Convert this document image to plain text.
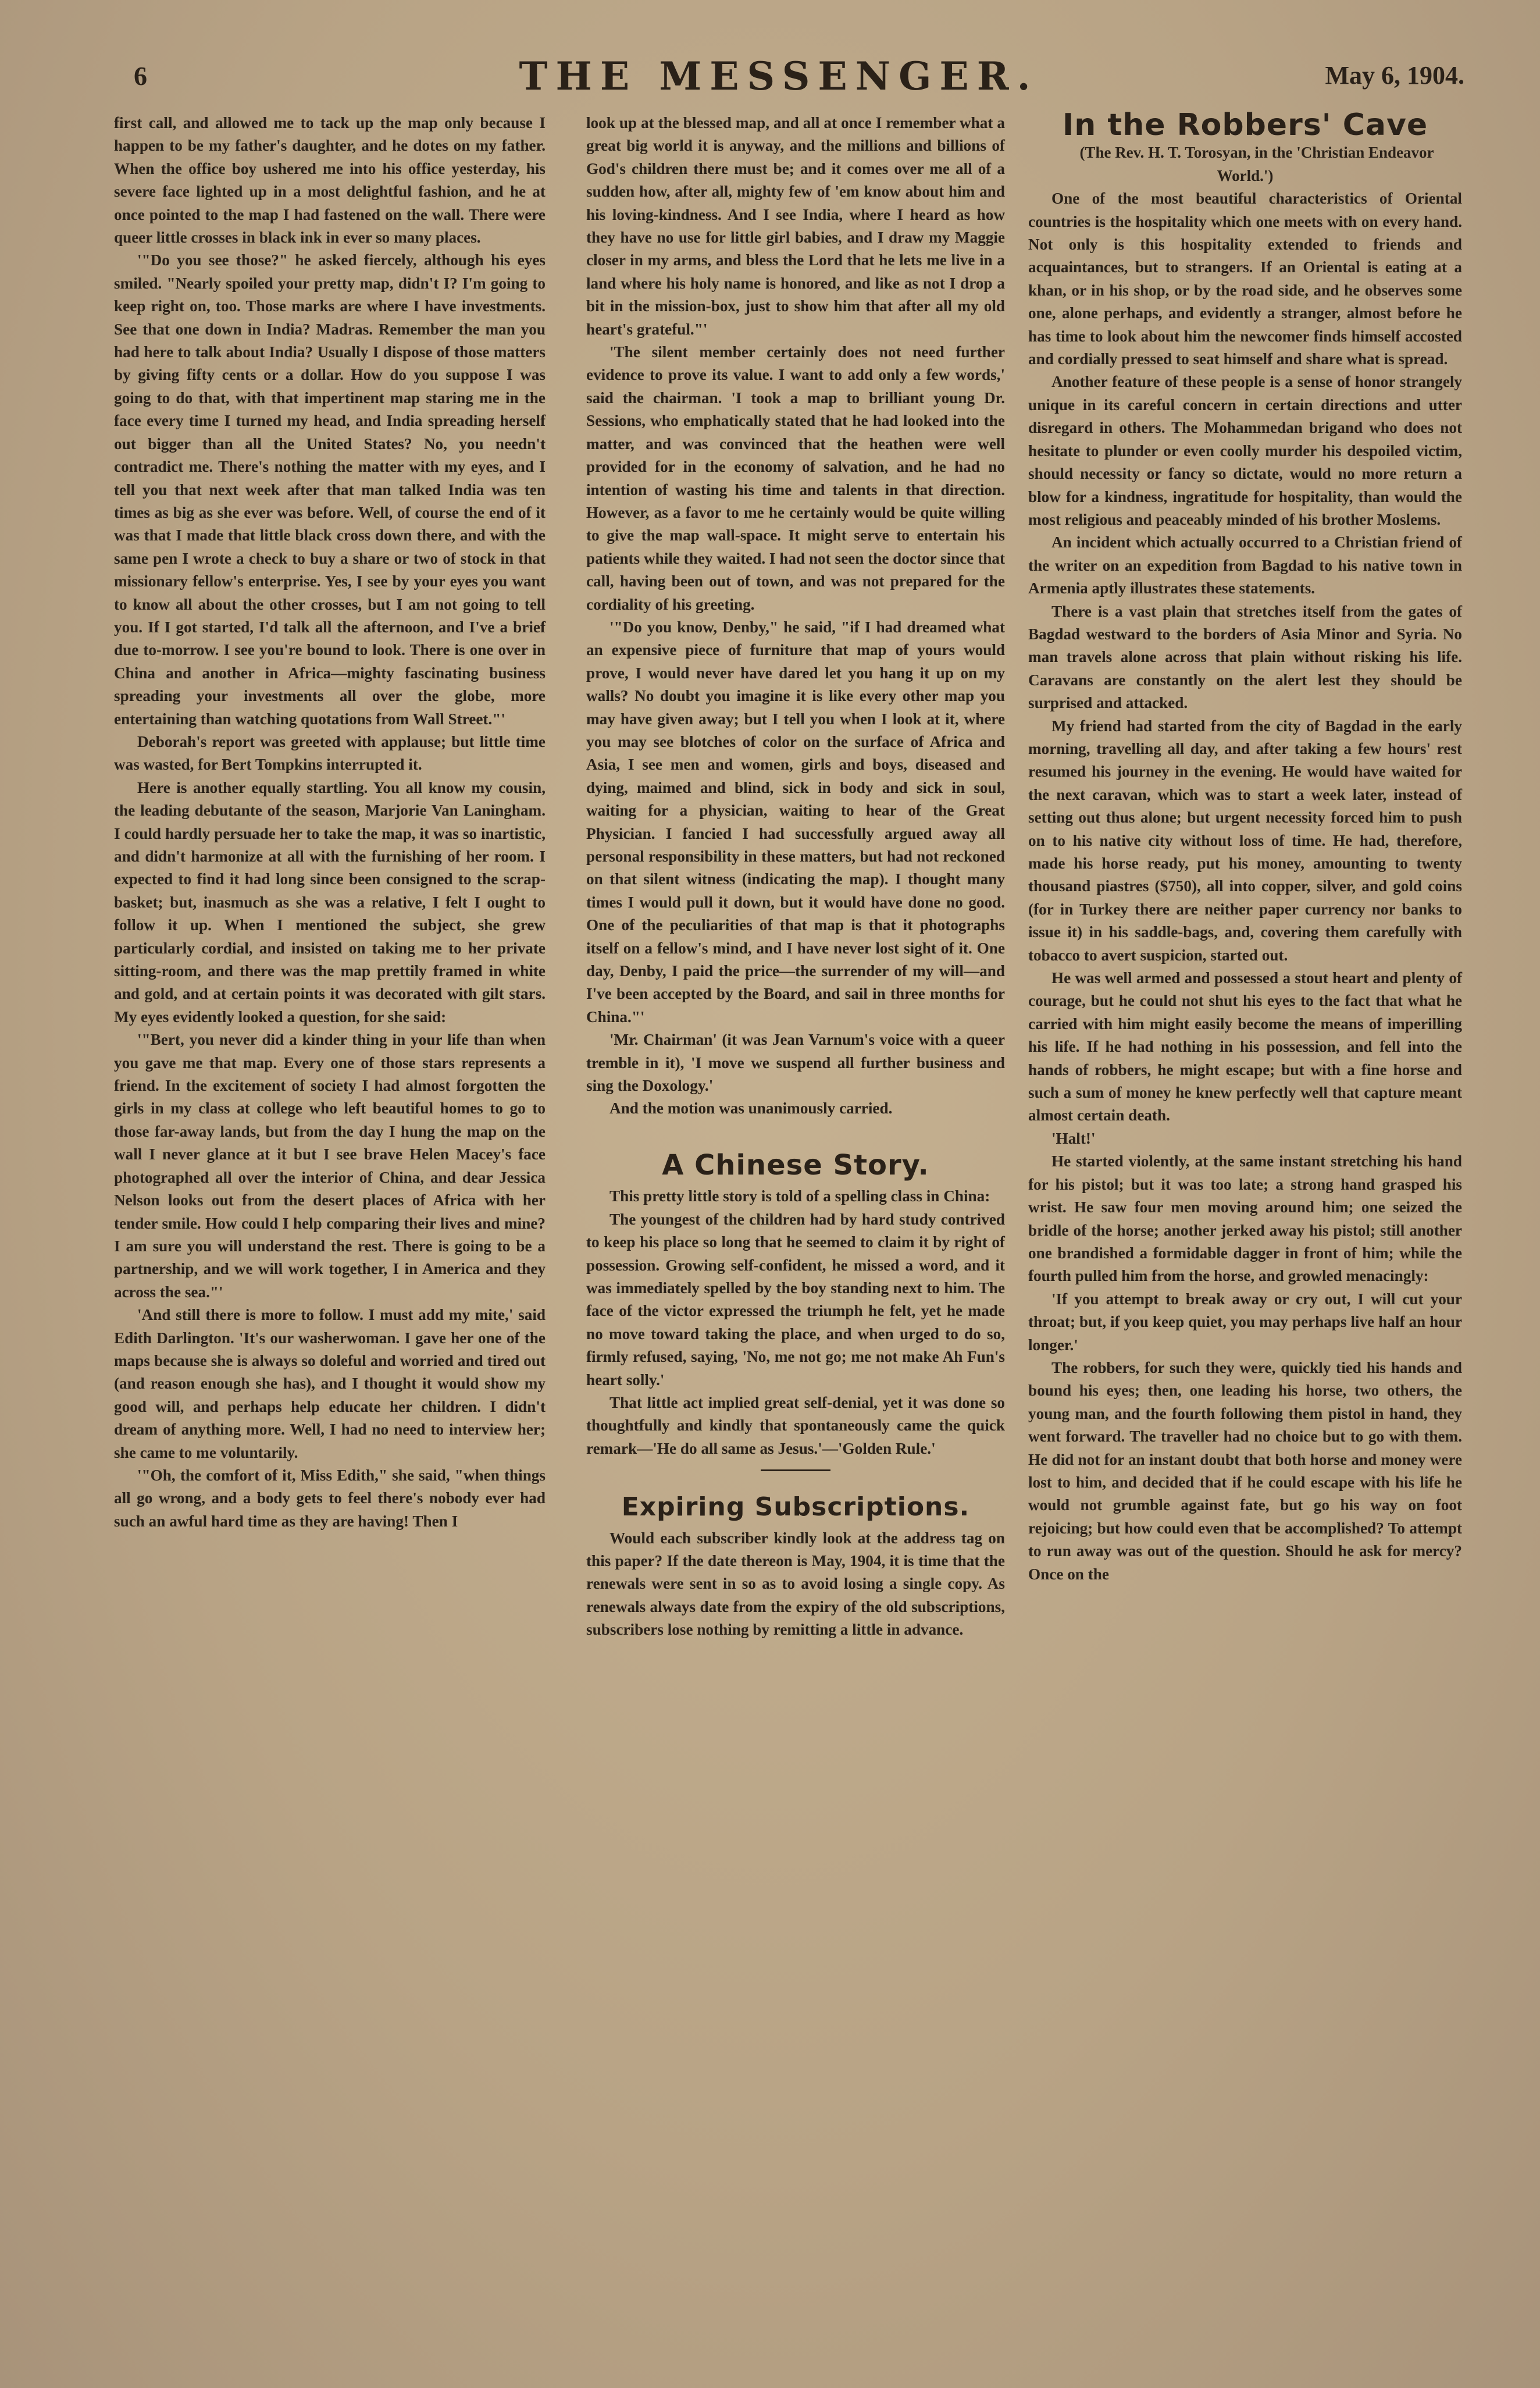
6	THE MESSENGER.	May 6, 1904.

first call, and allowed me to tack up the map only because I happen to be my father's daughter, and he dotes on my father. When the office boy ushered me into his office yesterday, his severe face lighted up in a most delightful fashion, and he at once pointed to the map I had fastened on the wall. There were queer little crosses in black ink in ever so many places.

'"Do you see those?" he asked fiercely, although his eyes smiled. "Nearly spoiled your pretty map, didn't I? I'm going to keep right on, too. Those marks are where I have investments. See that one down in India? Madras. Remember the man you had here to talk about India? Usually I dispose of those matters by giving fifty cents or a dollar. How do you suppose I was going to do that, with that impertinent map staring me in the face every time I turned my head, and India spreading herself out bigger than all the United States? No, you needn't contradict me. There's nothing the matter with my eyes, and I tell you that next week after that man talked India was ten times as big as she ever was before. Well, of course the end of it was that I made that little black cross down there, and with the same pen I wrote a check to buy a share or two of stock in that missionary fellow's enterprise. Yes, I see by your eyes you want to know all about the other crosses, but I am not going to tell you. If I got started, I'd talk all the afternoon, and I've a brief due to-morrow. I see you're bound to look. There is one over in China and another in Africa—mighty fascinating business spreading your investments all over the globe, more entertaining than watching quotations from Wall Street."'

Deborah's report was greeted with applause; but little time was wasted, for Bert Tompkins interrupted it.

Here is another equally startling. You all know my cousin, the leading debutante of the season, Marjorie Van Laningham. I could hardly persuade her to take the map, it was so inartistic, and didn't harmonize at all with the furnishing of her room. I expected to find it had long since been consigned to the scrap-basket; but, inasmuch as she was a relative, I felt I ought to follow it up. When I mentioned the subject, she grew particularly cordial, and insisted on taking me to her private sitting-room, and there was the map prettily framed in white and gold, and at certain points it was decorated with gilt stars. My eyes evidently looked a question, for she said:

'"Bert, you never did a kinder thing in your life than when you gave me that map. Every one of those stars represents a friend. In the excitement of society I had almost forgotten the girls in my class at college who left beautiful homes to go to those far-away lands, but from the day I hung the map on the wall I never glance at it but I see brave Helen Macey's face photographed all over the interior of China, and dear Jessica Nelson looks out from the desert places of Africa with her tender smile. How could I help comparing their lives and mine? I am sure you will understand the rest. There is going to be a partnership, and we will work together, I in America and they across the sea."'

'And still there is more to follow. I must add my mite,' said Edith Darlington. 'It's our washerwoman. I gave her one of the maps because she is always so doleful and worried and tired out (and reason enough she has), and I thought it would show my good will, and perhaps help educate her children. I didn't dream of anything more. Well, I had no need to interview her; she came to me voluntarily.

'"Oh, the comfort of it, Miss Edith," she said, "when things all go wrong, and a body gets to feel there's nobody ever had such an awful hard time as they are having! Then I

look up at the blessed map, and all at once I remember what a great big world it is anyway, and the millions and billions of God's children there must be; and it comes over me all of a sudden how, after all, mighty few of 'em know about him and his loving-kindness. And I see India, where I heard as how they have no use for little girl babies, and I draw my Maggie closer in my arms, and bless the Lord that he lets me live in a land where his holy name is honored, and like as not I drop a bit in the mission-box, just to show him that after all my old heart's grateful."'

'The silent member certainly does not need further evidence to prove its value. I want to add only a few words,' said the chairman. 'I took a map to brilliant young Dr. Sessions, who emphatically stated that he had looked into the matter, and was convinced that the heathen were well provided for in the economy of salvation, and he had no intention of wasting his time and talents in that direction. However, as a favor to me he certainly would be quite willing to give the map wall-space. It might serve to entertain his patients while they waited. I had not seen the doctor since that call, having been out of town, and was not prepared for the cordiality of his greeting.

'"Do you know, Denby," he said, "if I had dreamed what an expensive piece of furniture that map of yours would prove, I would never have dared let you hang it up on my walls? No doubt you imagine it is like every other map you may have given away; but I tell you when I look at it, where you may see blotches of color on the surface of Africa and Asia, I see men and women, girls and boys, diseased and dying, maimed and blind, sick in body and sick in soul, waiting for a physician, waiting to hear of the Great Physician. I fancied I had successfully argued away all personal responsibility in these matters, but had not reckoned on that silent witness (indicating the map). I thought many times I would pull it down, but it would have done no good. One of the peculiarities of that map is that it photographs itself on a fellow's mind, and I have never lost sight of it. One day, Denby, I paid the price—the surrender of my will—and I've been accepted by the Board, and sail in three months for China."'

'Mr. Chairman' (it was Jean Varnum's voice with a queer tremble in it), 'I move we suspend all further business and sing the Doxology.'

And the motion was unanimously carried.

A Chinese Story.

This pretty little story is told of a spelling class in China:

The youngest of the children had by hard study contrived to keep his place so long that he seemed to claim it by right of possession. Growing self-confident, he missed a word, and it was immediately spelled by the boy standing next to him. The face of the victor expressed the triumph he felt, yet he made no move toward taking the place, and when urged to do so, firmly refused, saying, 'No, me not go; me not make Ah Fun's heart solly.'

That little act implied great self-denial, yet it was done so thoughtfully and kindly that spontaneously came the quick remark—'He do all same as Jesus.'—'Golden Rule.'

Expiring Subscriptions.

Would each subscriber kindly look at the address tag on this paper? If the date thereon is May, 1904, it is time that the renewals were sent in so as to avoid losing a single copy. As renewals always date from the expiry of the old subscriptions, subscribers lose nothing by remitting a little in advance.

In the Robbers' Cave

(The Rev. H. T. Torosyan, in the 'Christian Endeavor World.')

One of the most beautiful characteristics of Oriental countries is the hospitality which one meets with on every hand. Not only is this hospitality extended to friends and acquaintances, but to strangers. If an Oriental is eating at a khan, or in his shop, or by the road side, and he observes some one, alone perhaps, and evidently a stranger, almost before he has time to look about him the newcomer finds himself accosted and cordially pressed to seat himself and share what is spread.

Another feature of these people is a sense of honor strangely unique in its careful concern in certain directions and utter disregard in others. The Mohammedan brigand who does not hesitate to plunder or even coolly murder his despoiled victim, should necessity or fancy so dictate, would no more return a blow for a kindness, ingratitude for hospitality, than would the most religious and peaceably minded of his brother Moslems.

An incident which actually occurred to a Christian friend of the writer on an expedition from Bagdad to his native town in Armenia aptly illustrates these statements.

There is a vast plain that stretches itself from the gates of Bagdad westward to the borders of Asia Minor and Syria. No man travels alone across that plain without risking his life. Caravans are constantly on the alert lest they should be surprised and attacked.

My friend had started from the city of Bagdad in the early morning, travelling all day, and after taking a few hours' rest resumed his journey in the evening. He would have waited for the next caravan, which was to start a week later, instead of setting out thus alone; but urgent necessity forced him to push on to his native city without loss of time. He had, therefore, made his horse ready, put his money, amounting to twenty thousand piastres ($750), all into copper, silver, and gold coins (for in Turkey there are neither paper currency nor banks to issue it) in his saddle-bags, and, covering them carefully with tobacco to avert suspicion, started out.

He was well armed and possessed a stout heart and plenty of courage, but he could not shut his eyes to the fact that what he carried with him might easily become the means of imperilling his life. If he had nothing in his possession, and fell into the hands of robbers, he might escape; but with a fine horse and such a sum of money he knew perfectly well that capture meant almost certain death.

'Halt!'

He started violently, at the same instant stretching his hand for his pistol; but it was too late; a strong hand grasped his wrist. He saw four men moving around him; one seized the bridle of the horse; another jerked away his pistol; still another one brandished a formidable dagger in front of him; while the fourth pulled him from the horse, and growled menacingly:

'If you attempt to break away or cry out, I will cut your throat; but, if you keep quiet, you may perhaps live half an hour longer.'

The robbers, for such they were, quickly tied his hands and bound his eyes; then, one leading his horse, two others, the young man, and the fourth following them pistol in hand, they went forward. The traveller had no choice but to go with them. He did not for an instant doubt that both horse and money were lost to him, and decided that if he could escape with his life he would not grumble against fate, but go his way on foot rejoicing; but how could even that be accomplished? To attempt to run away was out of the question. Should he ask for mercy? Once on the
